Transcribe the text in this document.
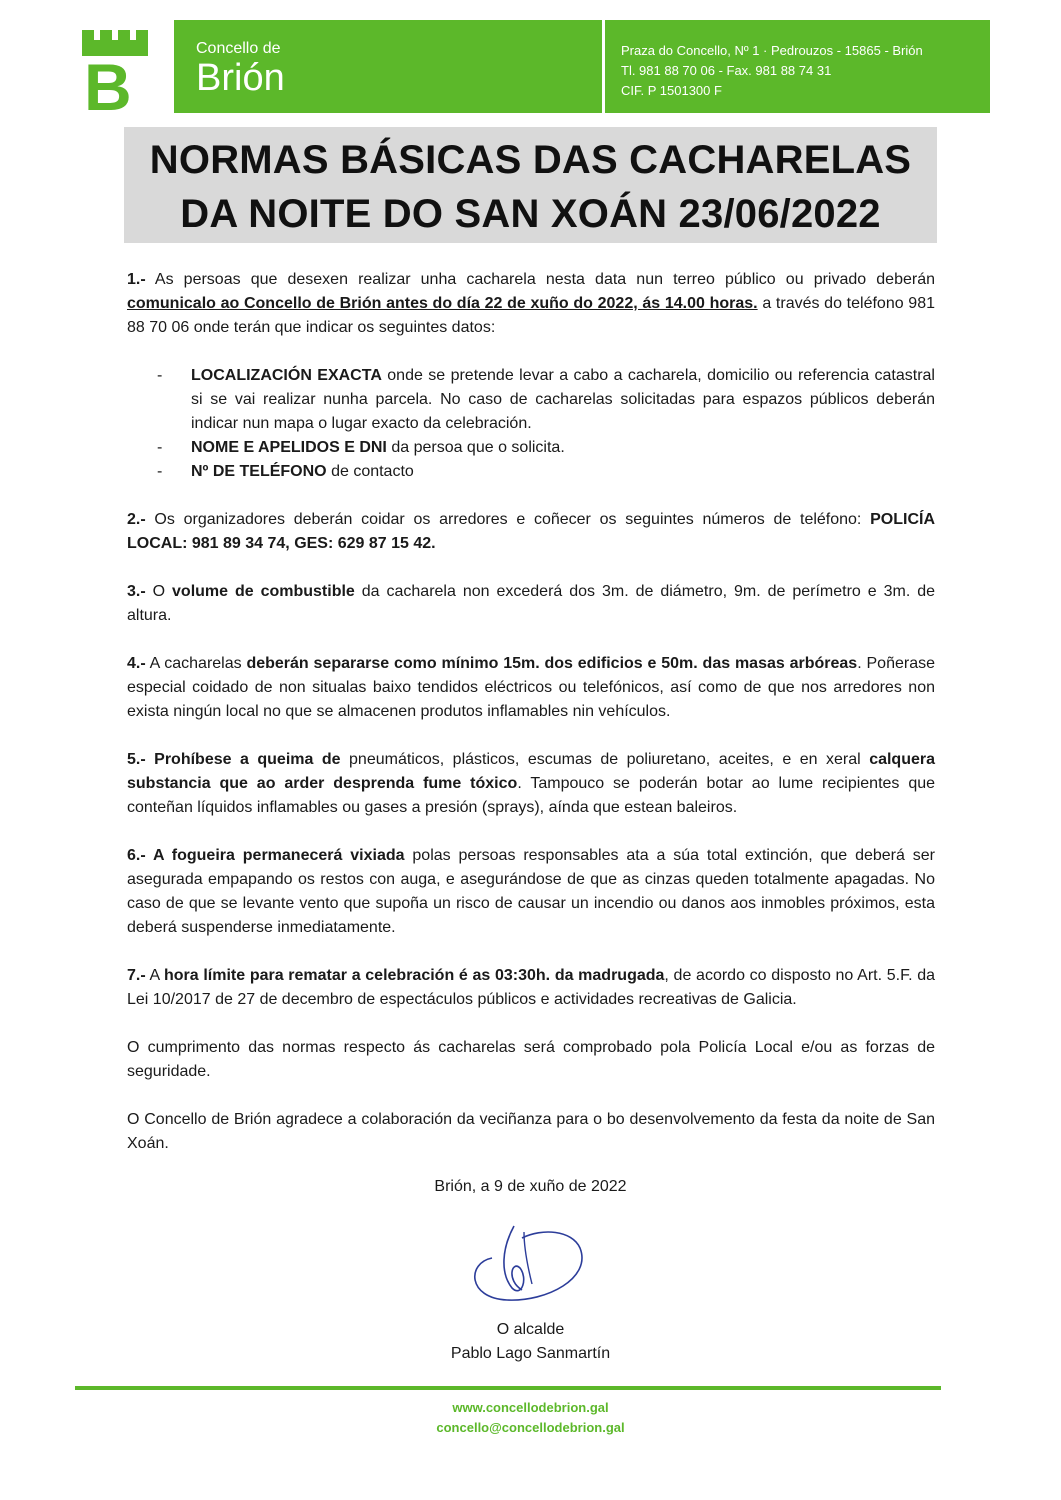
B
Concello de
Brión
Praza do Concello, Nº 1 · Pedrouzos - 15865 - Brión
Tl. 981 88 70 06 - Fax. 981 88 74 31
CIF. P 1501300 F
NORMAS BÁSICAS DAS CACHARELAS
DA NOITE DO SAN XOÁN 23/06/2022

1.- As persoas que desexen realizar unha cacharela nesta data nun terreo público ou privado deberán comunicalo ao Concello de Brión antes do día 22 de xuño do 2022, ás 14.00 horas. a través do teléfono 981 88 70 06 onde terán que indicar os seguintes datos:

- LOCALIZACIÓN EXACTA onde se pretende levar a cabo a cacharela, domicilio ou referencia catastral si se vai realizar nunha parcela. No caso de cacharelas solicitadas para espazos públicos deberán indicar nun mapa o lugar exacto da celebración.
- NOME E APELIDOS E DNI da persoa que o solicita.
- Nº DE TELÉFONO de contacto

2.- Os organizadores deberán coidar os arredores e coñecer os seguintes números de teléfono: POLICÍA LOCAL: 981 89 34 74, GES: 629 87 15 42.

3.- O volume de combustible da cacharela non excederá dos 3m. de diámetro, 9m. de perímetro e 3m. de altura.

4.- A cacharelas deberán separarse como mínimo 15m. dos edificios e 50m. das masas arbóreas. Poñerase especial coidado de non situalas baixo tendidos eléctricos ou telefónicos, así como de que nos arredores non exista ningún local no que se almacenen produtos inflamables nin vehículos.

5.- Prohíbese a queima de pneumáticos, plásticos, escumas de poliuretano, aceites, e en xeral calquera substancia que ao arder desprenda fume tóxico. Tampouco se poderán botar ao lume recipientes que conteñan líquidos inflamables ou gases a presión (sprays), aínda que estean baleiros.

6.- A fogueira permanecerá vixiada polas persoas responsables ata a súa total extinción, que deberá ser asegurada empapando os restos con auga, e asegurándose de que as cinzas queden totalmente apagadas. No caso de que se levante vento que supoña un risco de causar un incendio ou danos aos inmobles próximos, esta deberá suspenderse inmediatamente.

7.- A hora límite para rematar a celebración é as 03:30h. da madrugada, de acordo co disposto no Art. 5.F. da Lei 10/2017 de 27 de decembro de espectáculos públicos e actividades recreativas de Galicia.

O cumprimento das normas respecto ás cacharelas será comprobado pola Policía Local e/ou as forzas de seguridade.

O Concello de Brión agradece a colaboración da veciñanza para o bo desenvolvemento da festa da noite de San Xoán.

Brión, a 9 de xuño de 2022
O alcalde
Pablo Lago Sanmartín
www.concellodebrion.gal
concello@concellodebrion.gal
